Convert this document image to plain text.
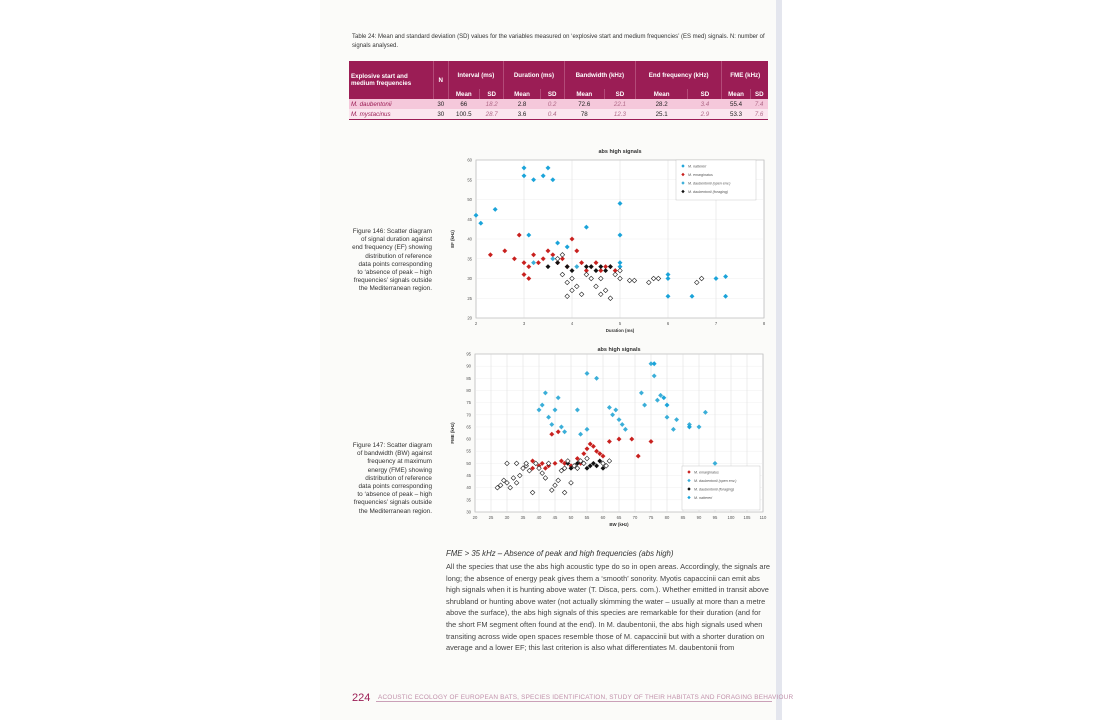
Table 24: Mean and standard deviation (SD) values for the variables measured on ‘explosive start and medium frequencies’ (ES med) signals. N: number of signals analysed.
Explosive start and medium frequencies	N	Interval (ms)		Duration (ms)		Bandwidth (kHz)		End frequency (kHz)		FME (kHz)	
		Mean	SD	Mean	SD	Mean	SD	Mean	SD	Mean	SD
M. daubentonii	30	66	18.2	2.8	0.2	72.6	22.1	28.2	3.4	55.4	7.4
M. mystacinus	30	100.5	28.7	3.6	0.4	78	12.3	25.1	2.9	53.3	7.6
Figure 146: Scatter diagram of signal duration against end frequency (EF) showing distribution of reference data points corresponding to ‘absence of peak – high frequencies’ signals outside the Mediterranean region.
Figure 147: Scatter diagram of bandwidth (BW) against frequency at maximum energy (FME) showing distribution of reference data points corresponding to ‘absence of peak – high frequencies’ signals outside the Mediterranean region.
abs high signals
2	3	4	5	6	7	8
20
25
30
35
40
45
50
55
60
Duration (ms)
EF (kHz)
M. nattereri
M. emarginatus
M. daubentonii (open env.)
M. daubentonii (foraging)
abs high signals
20	25	30	35	40	45	50	55	60	65	70	75	80	85	90	95 100 105 110
30
35
40
45
50
55
60
65
70
75
80
85
90
95
BW (kHz)
FME (kHz)
M. emarginatus
M. daubentonii (open env.)
M. daubentonii (foraging)
M. nattereri
FME > 35 kHz – Absence of peak and high frequencies (abs high)
All the species that use the abs high acoustic type do so in open areas. Accordingly, the signals are long; the absence of energy peak gives them a ‘smooth’ sonority. Myotis capaccinii can emit abs high signals when it is hunting above water (T. Disca, pers. com.). Whether emitted in transit above shrubland or hunting above water (not actually skimming the water – usually at more than a metre above the surface), the abs high signals of this species are remarkable for their duration (and for the short FM segment often found at the end). In M. daubentonii, the abs high signals used when transiting across wide open spaces resemble those of M. capaccinii but with a shorter duration on average and a lower EF; this last criterion is also what differentiates M. daubentonii from
224 ACOUSTIC ECOLOGY OF EUROPEAN BATS, SPECIES IDENTIFICATION, STUDY OF THEIR HABITATS AND FORAGING BEHAVIOUR
